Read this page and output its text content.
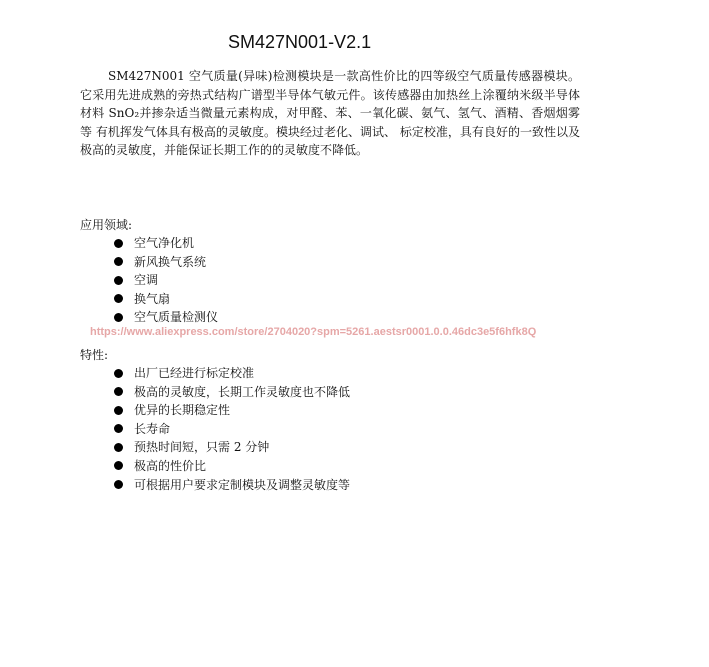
SM427N001-V2.1

SM427N001 空气质量(异味)检测模块是一款高性价比的四等级空气质量传感器模块。它采用先进成熟的旁热式结构广谱型半导体气敏元件。该传感器由加热丝上涂覆纳米级半导体材料 SnO₂并掺杂适当微量元素构成，对甲醛、苯、一氧化碳、氨气、氢气、酒精、香烟烟雾等 有机挥发气体具有极高的灵敏度。模块经过老化、调试、 标定校准，具有良好的一致性以及极高的灵敏度，并能保证长期工作的的灵敏度不降低。

应用领域:
空气净化机
新风换气系统
空调
换气扇
空气质量检测仪
https://www.aliexpress.com/store/2704020?spm=5261.aestsr0001.0.0.46dc3e5f6hfk8Q
特性:
出厂已经进行标定校准
极高的灵敏度，长期工作灵敏度也不降低
优异的长期稳定性
长寿命
预热时间短，只需 2 分钟
极高的性价比
可根据用户要求定制模块及调整灵敏度等
